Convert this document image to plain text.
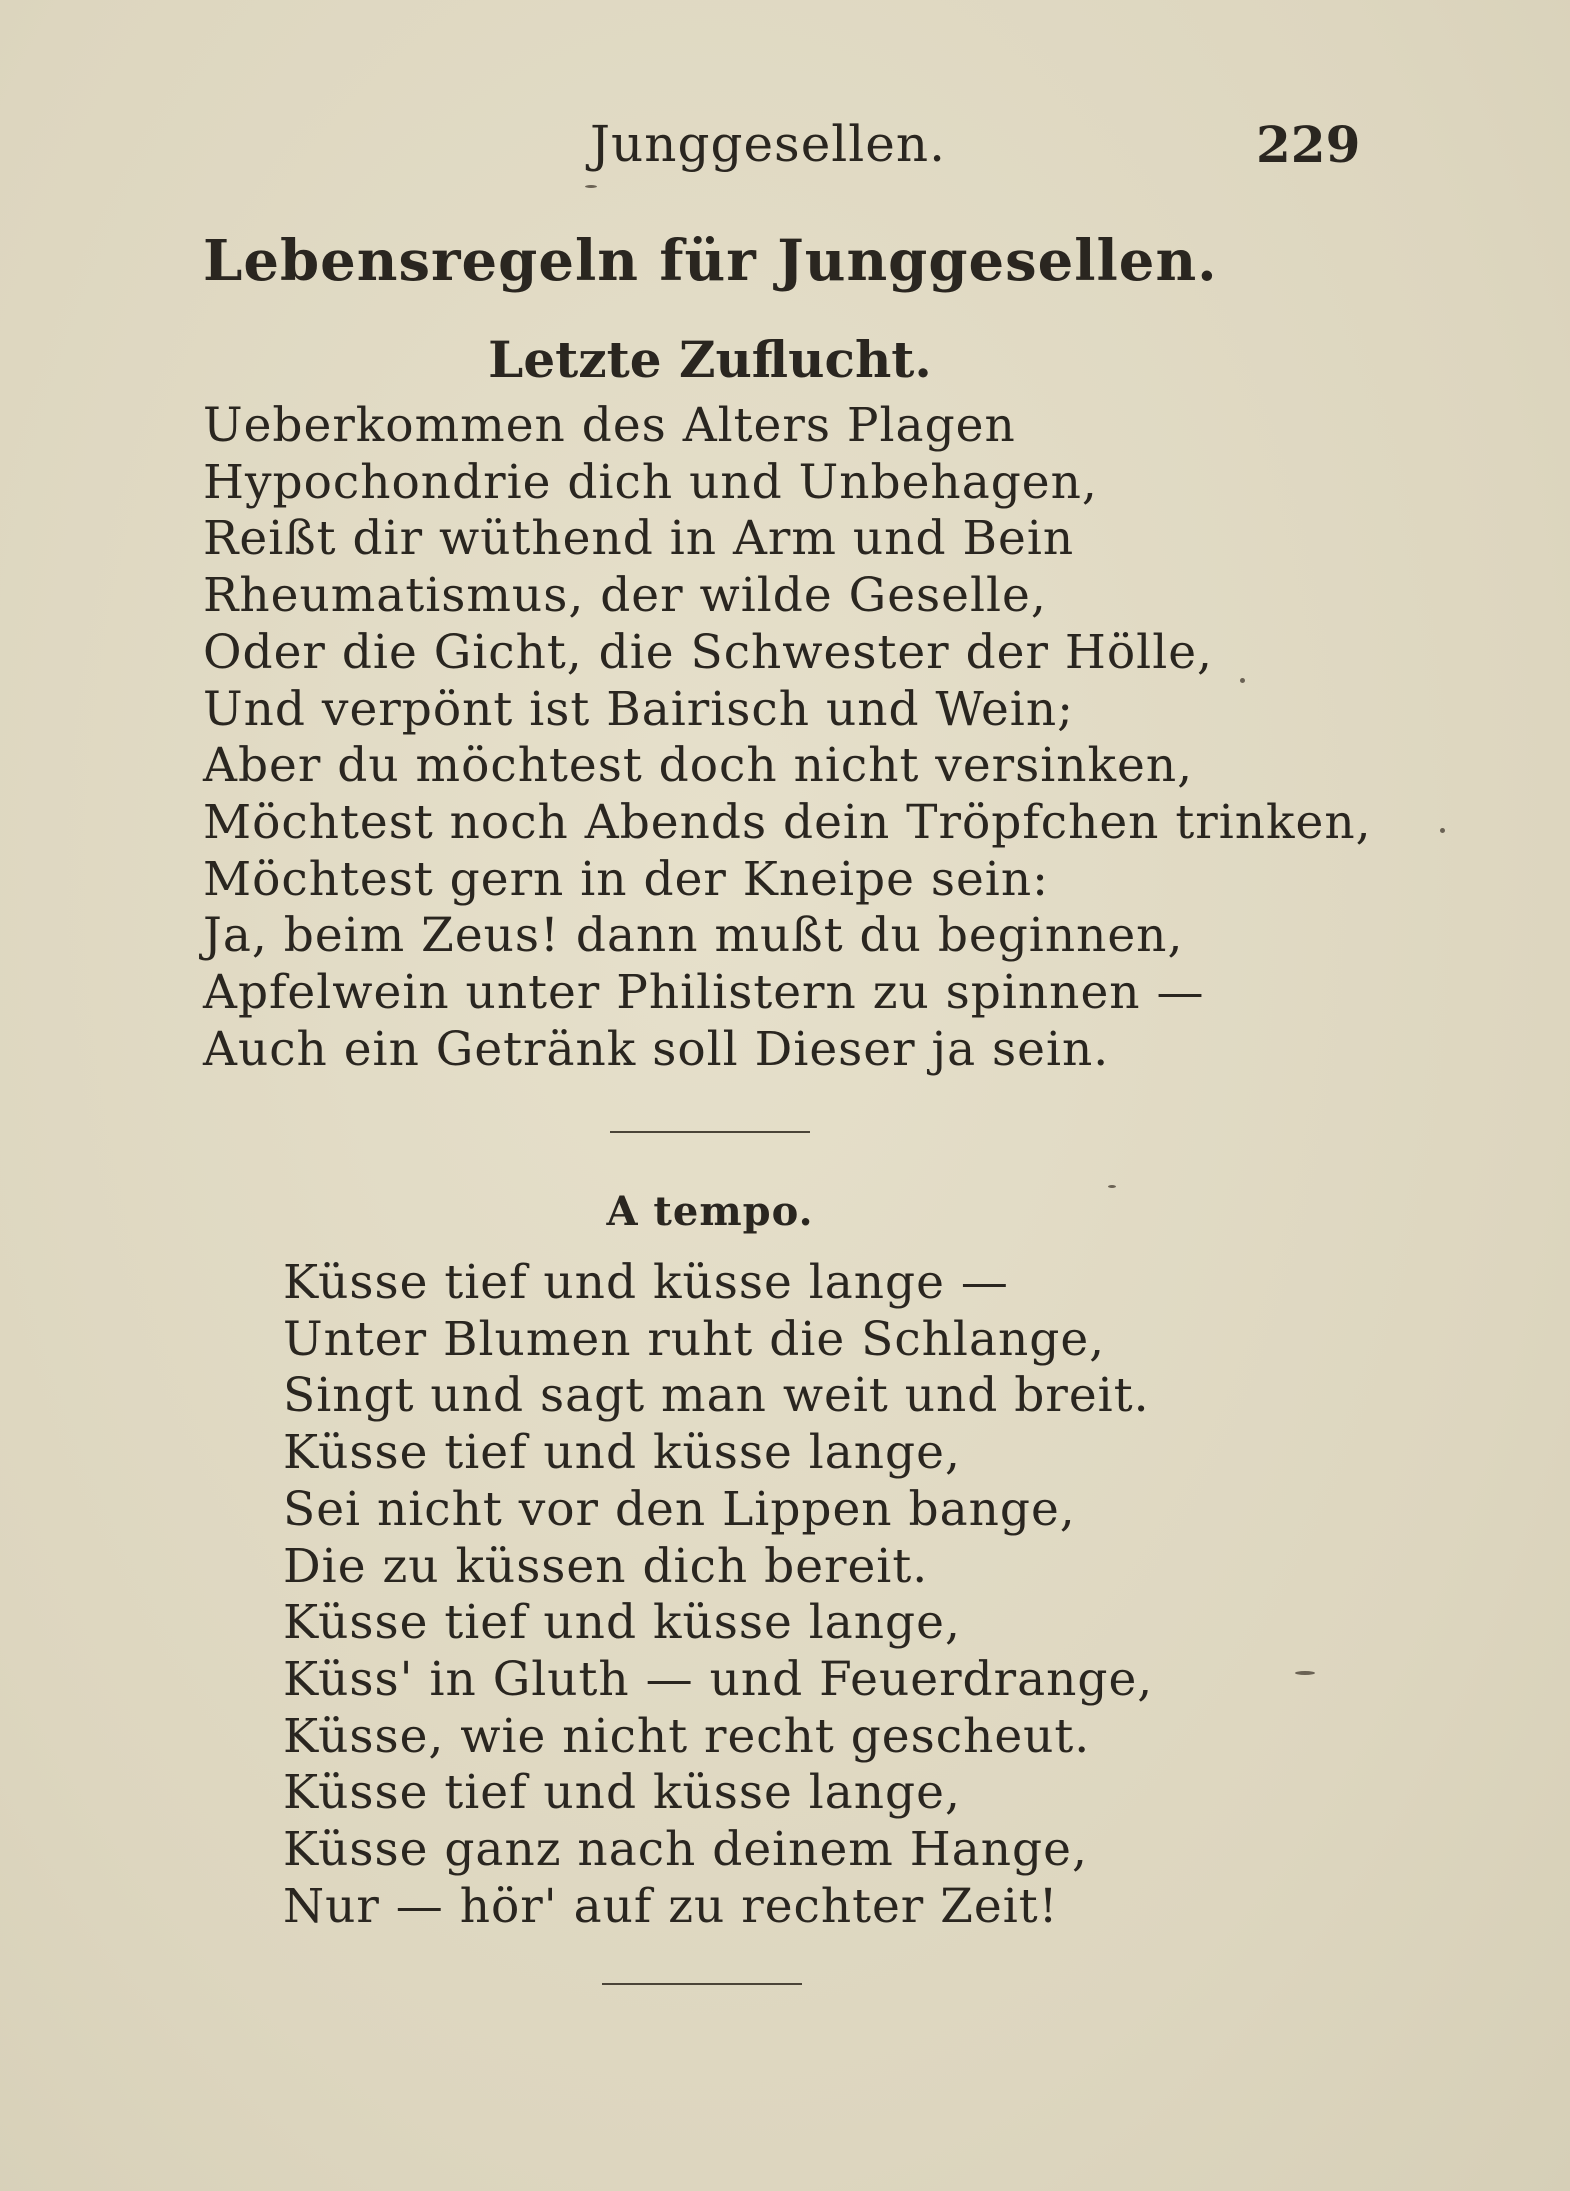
Junggesellen.	229
Lebensregeln für Junggesellen.
Letzte Zuflucht.
Ueberkommen des Alters Plagen
Hypochondrie dich und Unbehagen,
Reißt dir wüthend in Arm und Bein
Rheumatismus, der wilde Geselle,
Oder die Gicht, die Schwester der Hölle,
Und verpönt ist Bairisch und Wein;
Aber du möchtest doch nicht versinken,
Möchtest noch Abends dein Tröpfchen trinken,
Möchtest gern in der Kneipe sein:
Ja, beim Zeus! dann mußt du beginnen,
Apfelwein unter Philistern zu spinnen —
Auch ein Getränk soll Dieser ja sein.
A tempo.
Küsse tief und küsse lange —
Unter Blumen ruht die Schlange,
Singt und sagt man weit und breit.
Küsse tief und küsse lange,
Sei nicht vor den Lippen bange,
Die zu küssen dich bereit.
Küsse tief und küsse lange,
Küss' in Gluth — und Feuerdrange,
Küsse, wie nicht recht gescheut.
Küsse tief und küsse lange,
Küsse ganz nach deinem Hange,
Nur — hör' auf zu rechter Zeit!
